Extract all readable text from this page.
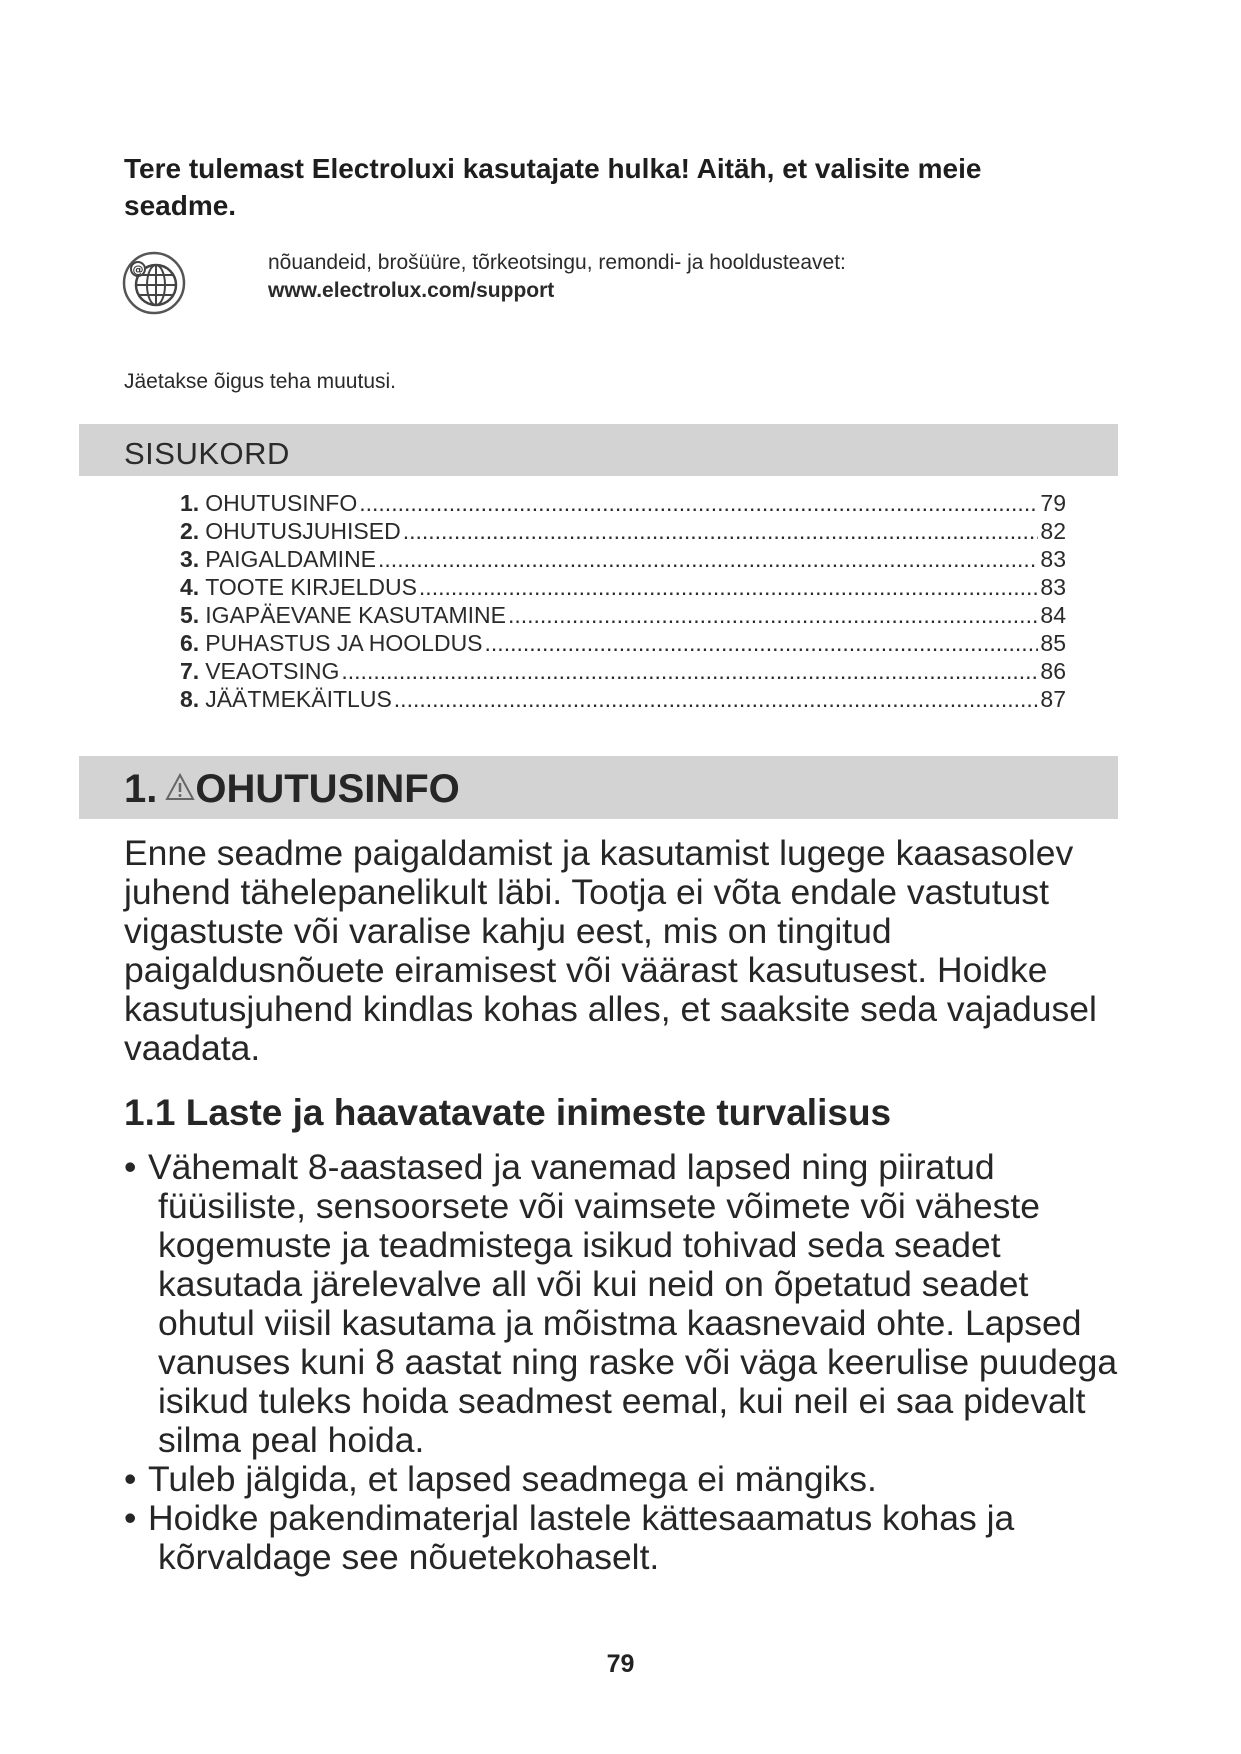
Tere tulemast Electroluxi kasutajate hulka! Aitäh, et valisite meie seadme.
@	nõuandeid, brošüüre, tõrkeotsingu, remondi- ja hooldusteavet:
www.electrolux.com/support
Jäetakse õigus teha muutusi.
SISUKORD
1. OHUTUSINFO .....	79
2. OHUTUSJUHISED .....	82
3. PAIGALDAMINE .....	83
4. TOOTE KIRJELDUS .....	83
5. IGAPÄEVANE KASUTAMINE .....	84
6. PUHASTUS JA HOOLDUS .....	85
7. VEAOTSING .....	86
8. JÄÄTMEKÄITLUS .....	87
1. OHUTUSINFO
Enne seadme paigaldamist ja kasutamist lugege kaasasolev juhend tähelepanelikult läbi. Tootja ei võta endale vastutust vigastuste või varalise kahju eest, mis on tingitud paigaldusnõuete eiramisest või väärast kasutusest. Hoidke kasutusjuhend kindlas kohas alles, et saaksite seda vajadusel vaadata.
1.1 Laste ja haavatavate inimeste turvalisus
• Vähemalt 8-aastased ja vanemad lapsed ning piiratud füüsiliste, sensoorsete või vaimsete võimete või väheste kogemuste ja teadmistega isikud tohivad seda seadet kasutada järelevalve all või kui neid on õpetatud seadet ohutul viisil kasutama ja mõistma kaasnevaid ohte. Lapsed vanuses kuni 8 aastat ning raske või väga keerulise puudega isikud tuleks hoida seadmest eemal, kui neil ei saa pidevalt silma peal hoida.
• Tuleb jälgida, et lapsed seadmega ei mängiks.
• Hoidke pakendimaterjal lastele kättesaamatus kohas ja kõrvaldage see nõuetekohaselt.
79
